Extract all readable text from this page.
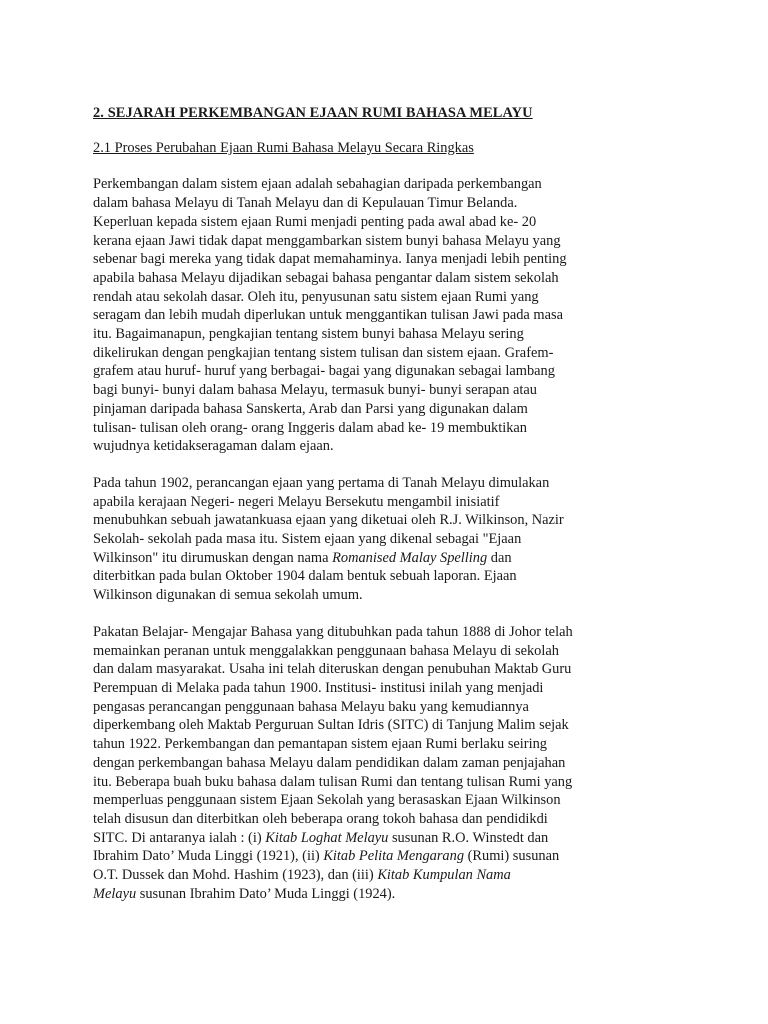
2. SEJARAH PERKEMBANGAN EJAAN RUMI BAHASA MELAYU
2.1 Proses Perubahan Ejaan Rumi Bahasa Melayu Secara Ringkas
Perkembangan dalam sistem ejaan adalah sebahagian daripada perkembangan
dalam bahasa Melayu di Tanah Melayu dan di Kepulauan Timur Belanda.
Keperluan kepada sistem ejaan Rumi menjadi penting pada awal abad ke- 20
kerana ejaan Jawi tidak dapat menggambarkan sistem bunyi bahasa Melayu yang
sebenar bagi mereka yang tidak dapat memahaminya. Ianya menjadi lebih penting
apabila bahasa Melayu dijadikan sebagai bahasa pengantar dalam sistem sekolah
rendah atau sekolah dasar. Oleh itu, penyusunan satu sistem ejaan Rumi yang
seragam dan lebih mudah diperlukan untuk menggantikan tulisan Jawi pada masa
itu. Bagaimanapun, pengkajian tentang sistem bunyi bahasa Melayu sering
dikelirukan dengan pengkajian tentang sistem tulisan dan sistem ejaan. Grafem-
grafem atau huruf- huruf yang berbagai- bagai yang digunakan sebagai lambang
bagi bunyi- bunyi dalam bahasa Melayu, termasuk bunyi- bunyi serapan atau
pinjaman daripada bahasa Sanskerta, Arab dan Parsi yang digunakan dalam
tulisan- tulisan oleh orang- orang Inggeris dalam abad ke- 19 membuktikan
wujudnya ketidakseragaman dalam ejaan.
Pada tahun 1902, perancangan ejaan yang pertama di Tanah Melayu dimulakan
apabila kerajaan Negeri- negeri Melayu Bersekutu mengambil inisiatif
menubuhkan sebuah jawatankuasa ejaan yang diketuai oleh R.J. Wilkinson, Nazir
Sekolah- sekolah pada masa itu. Sistem ejaan yang dikenal sebagai "Ejaan
Wilkinson" itu dirumuskan dengan nama Romanised Malay Spelling dan
diterbitkan pada bulan Oktober 1904 dalam bentuk sebuah laporan. Ejaan
Wilkinson digunakan di semua sekolah umum.
Pakatan Belajar- Mengajar Bahasa yang ditubuhkan pada tahun 1888 di Johor telah
memainkan peranan untuk menggalakkan penggunaan bahasa Melayu di sekolah
dan dalam masyarakat. Usaha ini telah diteruskan dengan penubuhan Maktab Guru
Perempuan di Melaka pada tahun 1900. Institusi- institusi inilah yang menjadi
pengasas perancangan penggunaan bahasa Melayu baku yang kemudiannya
diperkembang oleh Maktab Perguruan Sultan Idris (SITC) di Tanjung Malim sejak
tahun 1922. Perkembangan dan pemantapan sistem ejaan Rumi berlaku seiring
dengan perkembangan bahasa Melayu dalam pendidikan dalam zaman penjajahan
itu. Beberapa buah buku bahasa dalam tulisan Rumi dan tentang tulisan Rumi yang
memperluas penggunaan sistem Ejaan Sekolah yang berasaskan Ejaan Wilkinson
telah disusun dan diterbitkan oleh beberapa orang tokoh bahasa dan pendidikdi
SITC. Di antaranya ialah : (i) Kitab Loghat Melayu susunan R.O. Winstedt dan
Ibrahim Dato’ Muda Linggi (1921), (ii) Kitab Pelita Mengarang (Rumi) susunan
O.T. Dussek dan Mohd. Hashim (1923), dan (iii) Kitab Kumpulan Nama
Melayu susunan Ibrahim Dato’ Muda Linggi (1924).
